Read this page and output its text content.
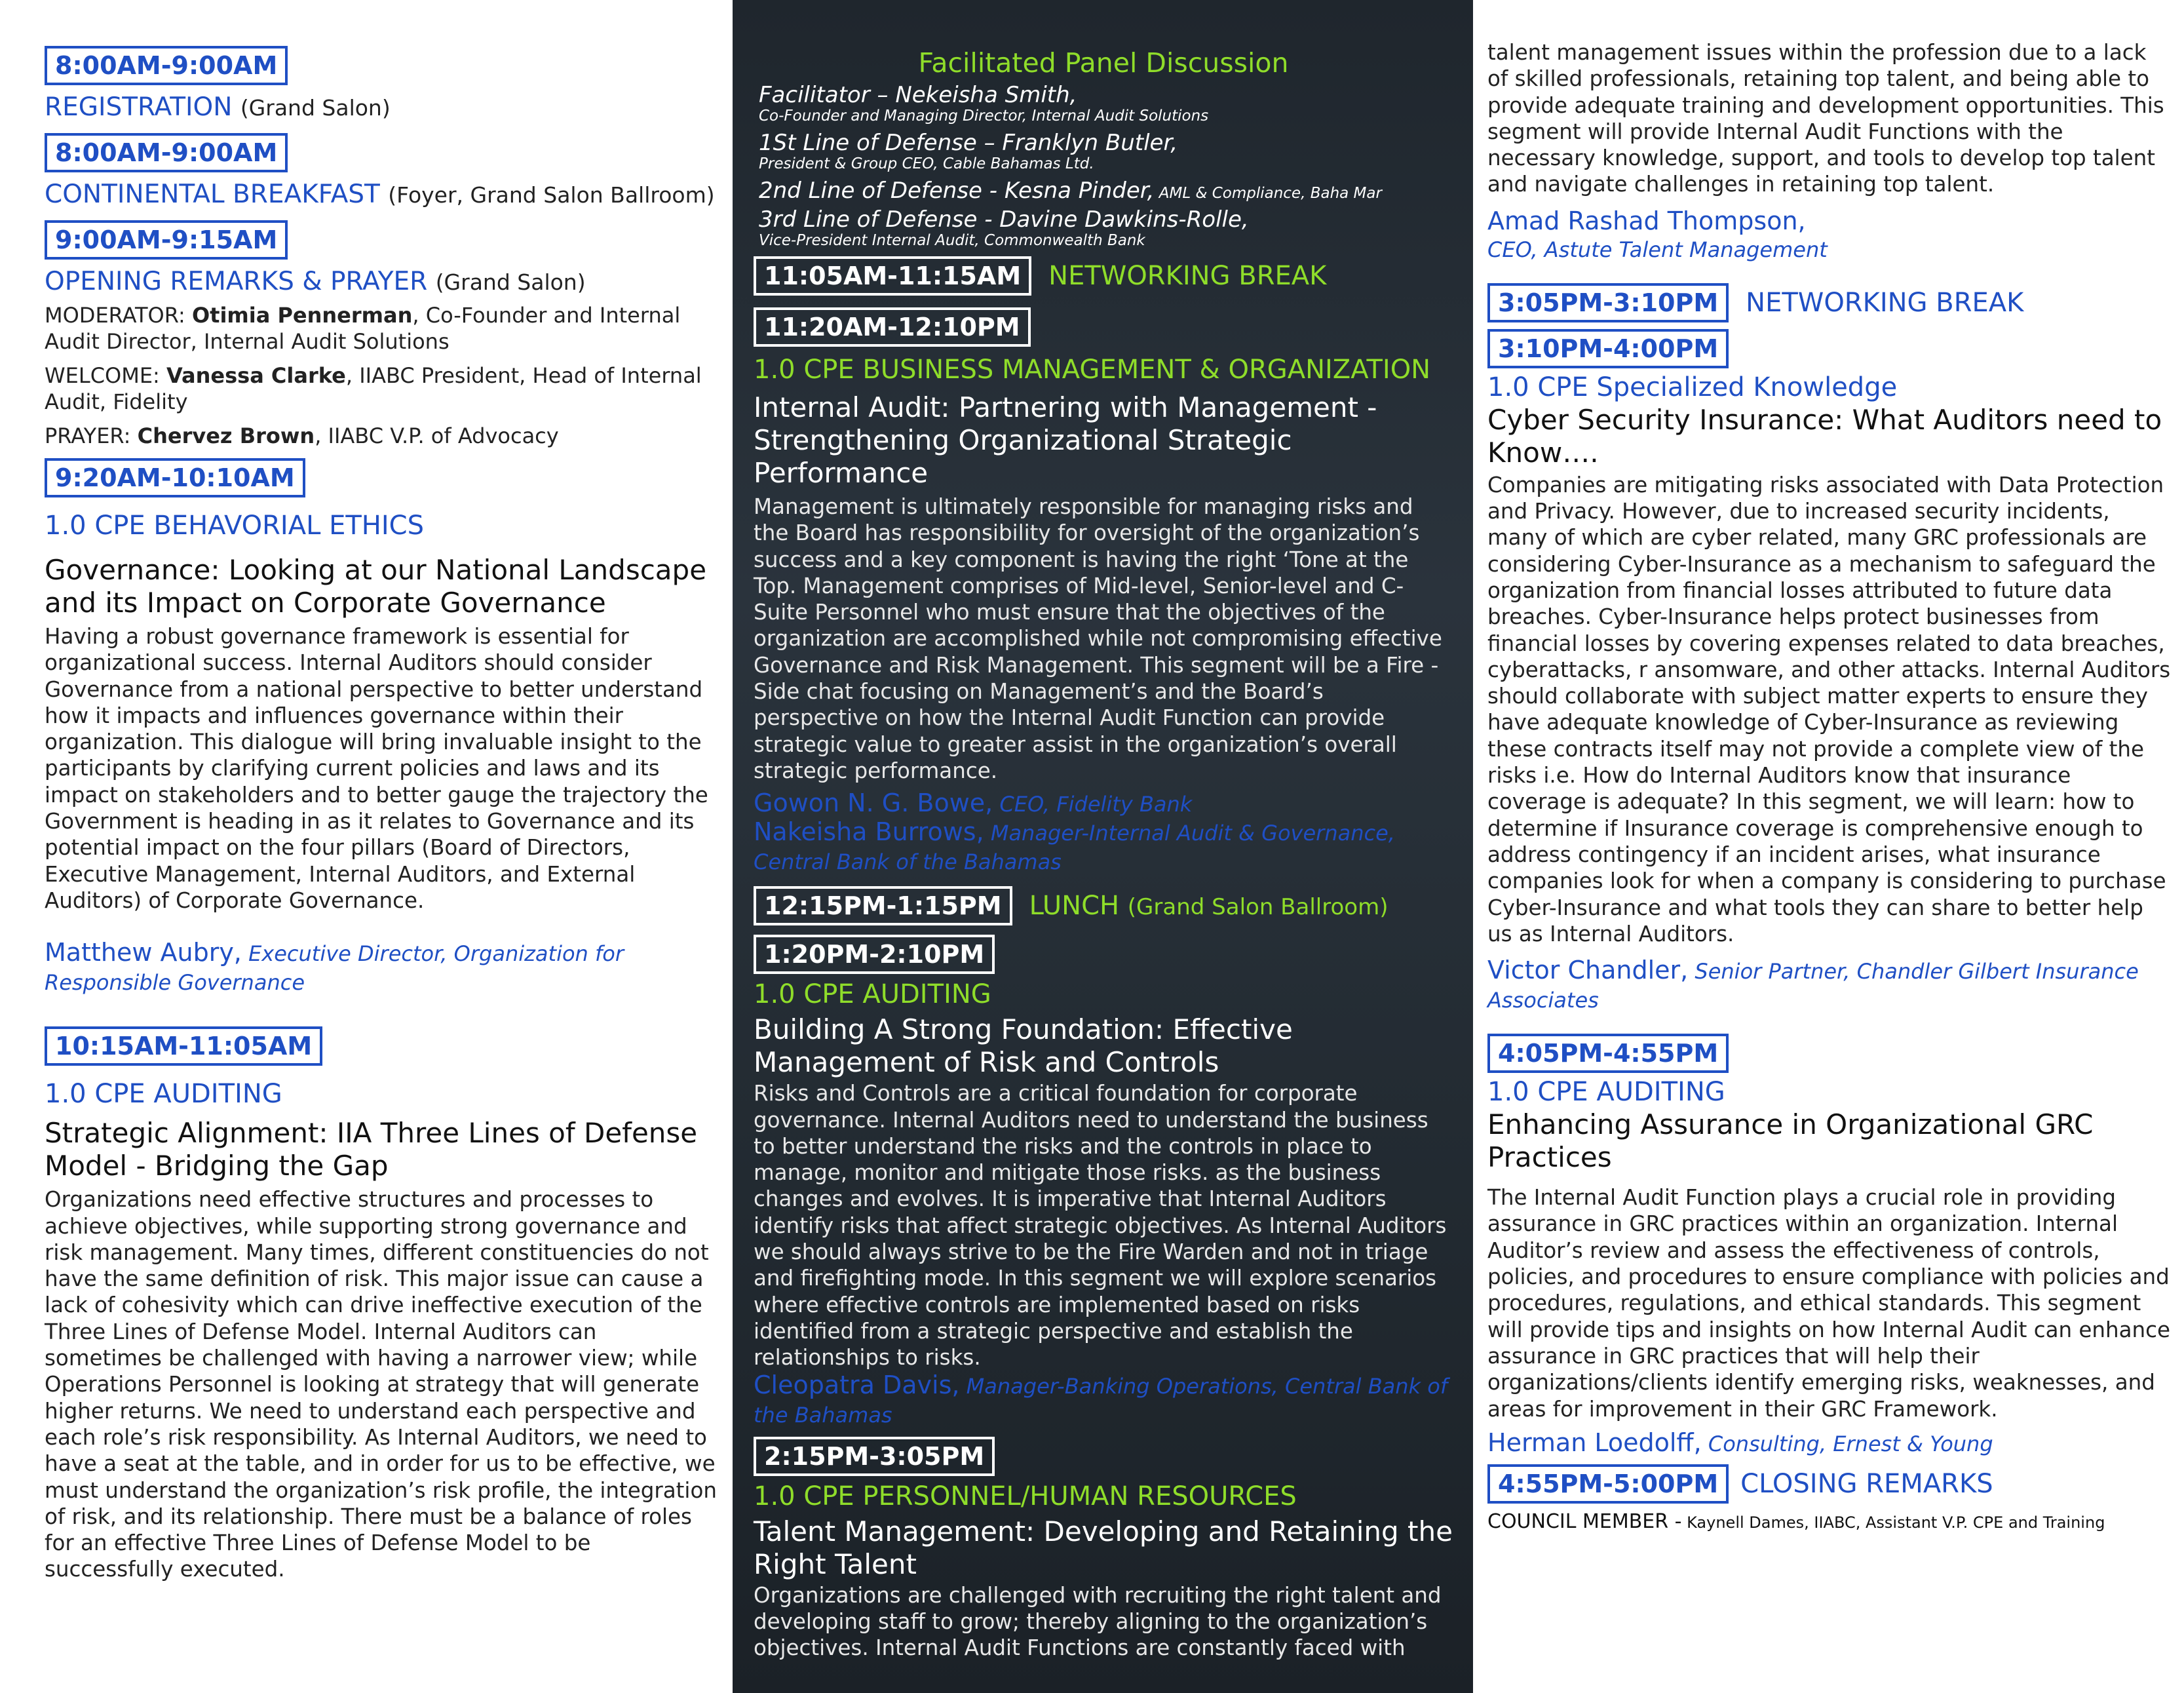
8:00AM-9:00AM
REGISTRATION (Grand Salon)
8:00AM-9:00AM
CONTINENTAL BREAKFAST (Foyer, Grand Salon Ballroom)
9:00AM-9:15AM
OPENING REMARKS & PRAYER (Grand Salon)
MODERATOR: Otimia Pennerman, Co-Founder and Internal Audit Director, Internal Audit Solutions
WELCOME: Vanessa Clarke, IIABC President, Head of Internal Audit, Fidelity
PRAYER: Chervez Brown, IIABC V.P. of Advocacy
9:20AM-10:10AM
1.0 CPE BEHAVORIAL ETHICS
Governance: Looking at our National Landscape and its Impact on Corporate Governance

Having a robust governance framework is essential for organizational success. Internal Auditors should consider Governance from a national perspective to better understand how it impacts and influences governance within their organization. This dialogue will bring invaluable insight to the participants by clarifying current policies and laws and its impact on stakeholders and to better gauge the trajectory the Government is heading in as it relates to Governance and its potential impact on the four pillars (Board of Directors, Executive Management, Internal Auditors, and External Auditors) of Corporate Governance.

Matthew Aubry, Executive Director, Organization for Responsible Governance
10:15AM-11:05AM
1.0 CPE AUDITING
Strategic Alignment: IIA Three Lines of Defense Model - Bridging the Gap

Organizations need effective structures and processes to achieve objectives, while supporting strong governance and risk management. Many times, different constituencies do not have the same definition of risk. This major issue can cause a lack of cohesivity which can drive ineffective execution of the Three Lines of Defense Model. Internal Auditors can sometimes be challenged with having a narrower view; while Operations Personnel is looking at strategy that will generate higher returns. We need to understand each perspective and each role’s risk responsibility. As Internal Auditors, we need to have a seat at the table, and in order for us to be effective, we must understand the organization’s risk profile, the integration of risk, and its relationship. There must be a balance of roles for an effective Three Lines of Defense Model to be successfully executed.

Facilitated Panel Discussion
Facilitator – Nekeisha Smith,
Co-Founder and Managing Director, Internal Audit Solutions
1St Line of Defense – Franklyn Butler,
President & Group CEO, Cable Bahamas Ltd.
2nd Line of Defense - Kesna Pinder, AML & Compliance, Baha Mar
3rd Line of Defense - Davine Dawkins-Rolle,
Vice-President Internal Audit, Commonwealth Bank
11:05AM-11:15AM	NETWORKING BREAK
11:20AM-12:10PM
1.0 CPE BUSINESS MANAGEMENT & ORGANIZATION
Internal Audit: Partnering with Management - Strengthening Organizational Strategic Performance

Management is ultimately responsible for managing risks and the Board has responsibility for oversight of the organization’s success and a key component is having the right ‘Tone at the Top. Management comprises of Mid-level, Senior-level and C-Suite Personnel who must ensure that the objectives of the organization are accomplished while not compromising effective Governance and Risk Management. This segment will be a Fire -Side chat focusing on Management’s and the Board’s perspective on how the Internal Audit Function can provide strategic value to greater assist in the organization’s overall strategic performance.

Gowon N. G. Bowe, CEO, Fidelity Bank
Nakeisha Burrows, Manager-Internal Audit & Governance, Central Bank of the Bahamas
12:15PM-1:15PM	LUNCH (Grand Salon Ballroom)
1:20PM-2:10PM
1.0 CPE AUDITING
Building A Strong Foundation: Effective Management of Risk and Controls

Risks and Controls are a critical foundation for corporate governance. Internal Auditors need to understand the business to better understand the risks and the controls in place to manage, monitor and mitigate those risks. as the business changes and evolves. It is imperative that Internal Auditors identify risks that affect strategic objectives. As Internal Auditors we should always strive to be the Fire Warden and not in triage and firefighting mode. In this segment we will explore scenarios where effective controls are implemented based on risks identified from a strategic perspective and establish the relationships to risks.

Cleopatra Davis, Manager-Banking Operations, Central Bank of the Bahamas
2:15PM-3:05PM
1.0 CPE PERSONNEL/HUMAN RESOURCES
Talent Management: Developing and Retaining the Right Talent

Organizations are challenged with recruiting the right talent and developing staff to grow; thereby aligning to the organization’s objectives. Internal Audit Functions are constantly faced with

talent management issues within the profession due to a lack of skilled professionals, retaining top talent, and being able to provide adequate training and development opportunities. This segment will provide Internal Audit Functions with the necessary knowledge, support, and tools to develop top talent and navigate challenges in retaining top talent.

Amad Rashad Thompson,
CEO, Astute Talent Management
3:05PM-3:10PM	NETWORKING BREAK
3:10PM-4:00PM
1.0 CPE Specialized Knowledge
Cyber Security Insurance: What Auditors need to Know….

Companies are mitigating risks associated with Data Protection and Privacy. However, due to increased security incidents, many of which are cyber related, many GRC professionals are considering Cyber-Insurance as a mechanism to safeguard the organization from financial losses attributed to future data breaches. Cyber-Insurance helps protect businesses from financial losses by covering expenses related to data breaches, cyberattacks, r ansomware, and other attacks. Internal Auditors should collaborate with subject matter experts to ensure they have adequate knowledge of Cyber-Insurance as reviewing these contracts itself may not provide a complete view of the risks i.e. How do Internal Auditors know that insurance coverage is adequate? In this segment, we will learn: how to determine if Insurance coverage is comprehensive enough to address contingency if an incident arises, what insurance companies look for when a company is considering to purchase Cyber-Insurance and what tools they can share to better help us as Internal Auditors.

Victor Chandler, Senior Partner, Chandler Gilbert Insurance Associates
4:05PM-4:55PM
1.0 CPE AUDITING
Enhancing Assurance in Organizational GRC Practices

The Internal Audit Function plays a crucial role in providing assurance in GRC practices within an organization. Internal Auditor’s review and assess the effectiveness of controls, policies, and procedures to ensure compliance with policies and procedures, regulations, and ethical standards. This segment will provide tips and insights on how Internal Audit can enhance assurance in GRC practices that will help their organizations/clients identify emerging risks, weaknesses, and areas for improvement in their GRC Framework.

Herman Loedolff, Consulting, Ernest & Young
4:55PM-5:00PM CLOSING REMARKS
COUNCIL MEMBER - Kaynell Dames, IIABC, Assistant V.P. CPE and Training
